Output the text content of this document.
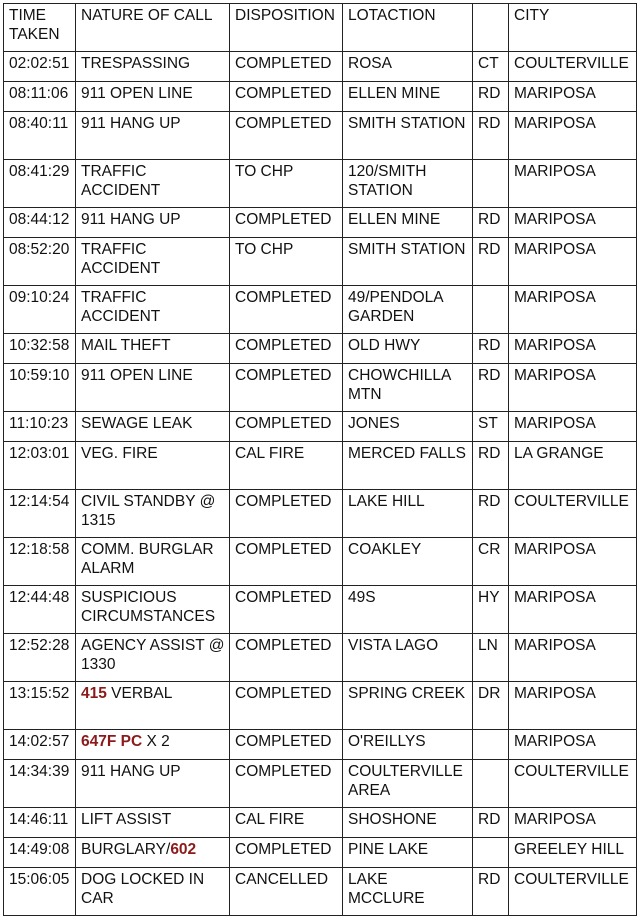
TIME TAKEN	NATURE OF CALL	DISPOSITION	LOTACTION		CITY
02:02:51	TRESPASSING	COMPLETED	ROSA	CT	COULTERVILLE
08:11:06	911 OPEN LINE	COMPLETED	ELLEN MINE	RD	MARIPOSA
08:40:11	911 HANG UP	COMPLETED	SMITH STATION	RD	MARIPOSA
08:41:29	TRAFFIC ACCIDENT	TO CHP	120/SMITH STATION		MARIPOSA
08:44:12	911 HANG UP	COMPLETED	ELLEN MINE	RD	MARIPOSA
08:52:20	TRAFFIC ACCIDENT	TO CHP	SMITH STATION	RD	MARIPOSA
09:10:24	TRAFFIC ACCIDENT	COMPLETED	49/PENDOLA GARDEN		MARIPOSA
10:32:58	MAIL THEFT	COMPLETED	OLD HWY	RD	MARIPOSA
10:59:10	911 OPEN LINE	COMPLETED	CHOWCHILLA MTN	RD	MARIPOSA
11:10:23	SEWAGE LEAK	COMPLETED	JONES	ST	MARIPOSA
12:03:01	VEG. FIRE	CAL FIRE	MERCED FALLS	RD	LA GRANGE
12:14:54	CIVIL STANDBY @ 1315	COMPLETED	LAKE HILL	RD	COULTERVILLE
12:18:58	COMM. BURGLAR ALARM	COMPLETED	COAKLEY	CR	MARIPOSA
12:44:48	SUSPICIOUS CIRCUMSTANCES	COMPLETED	49S	HY	MARIPOSA
12:52:28	AGENCY ASSIST @ 1330	COMPLETED	VISTA LAGO	LN	MARIPOSA
13:15:52	415 VERBAL	COMPLETED	SPRING CREEK	DR	MARIPOSA
14:02:57	647F PC X 2	COMPLETED	O'REILLYS		MARIPOSA
14:34:39	911 HANG UP	COMPLETED	COULTERVILLE AREA		COULTERVILLE
14:46:11	LIFT ASSIST	CAL FIRE	SHOSHONE	RD	MARIPOSA
14:49:08	BURGLARY/602	COMPLETED	PINE LAKE		GREELEY HILL
15:06:05	DOG LOCKED IN CAR	CANCELLED	LAKE MCCLURE	RD	COULTERVILLE
